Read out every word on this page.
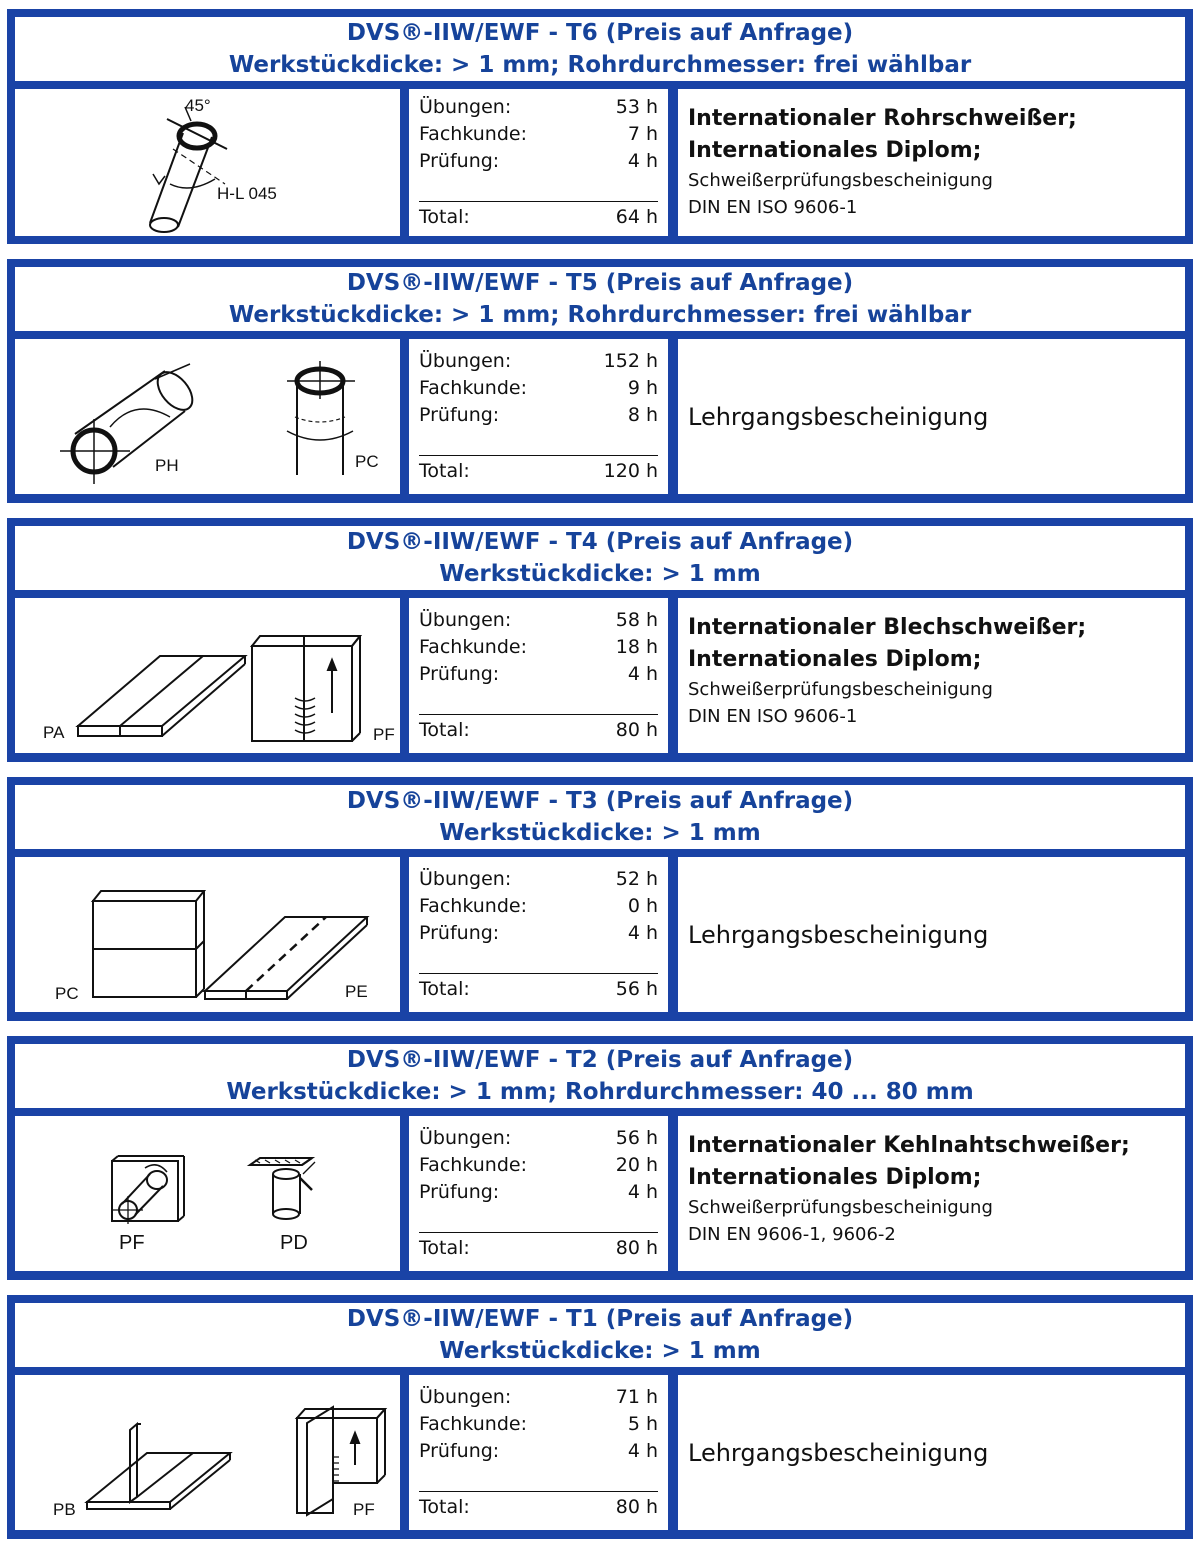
DVS®-IIW/EWF - T6 (Preis auf Anfrage)
Werkstückdicke: > 1 mm; Rohrdurchmesser: frei wählbar
45°
H-L 045
Übungen:	53 h
Fachkunde:	7 h
Prüfung:	4 h
Total:	64 h
Internationaler Rohrschweißer;
Internationales Diplom;
Schweißerprüfungsbescheinigung
DIN EN ISO 9606-1
DVS®-IIW/EWF - T5 (Preis auf Anfrage)
Werkstückdicke: > 1 mm; Rohrdurchmesser: frei wählbar
PH	PC
Übungen:	152 h
Fachkunde:	9 h
Prüfung:	8 h
Total:	120 h
Lehrgangsbescheinigung
DVS®-IIW/EWF - T4 (Preis auf Anfrage)
Werkstückdicke: > 1 mm
PA	PF
Übungen:	58 h
Fachkunde:	18 h
Prüfung:	4 h
Total:	80 h
Internationaler Blechschweißer;
Internationales Diplom;
Schweißerprüfungsbescheinigung
DIN EN ISO 9606-1
DVS®-IIW/EWF - T3 (Preis auf Anfrage)
Werkstückdicke: > 1 mm
PC	PE
Übungen:	52 h
Fachkunde:	0 h
Prüfung:	4 h
Total:	56 h
Lehrgangsbescheinigung
DVS®-IIW/EWF - T2 (Preis auf Anfrage)
Werkstückdicke: > 1 mm; Rohrdurchmesser: 40 ... 80 mm
PF	PD
Übungen:	56 h
Fachkunde:	20 h
Prüfung:	4 h
Total:	80 h
Internationaler Kehlnahtschweißer;
Internationales Diplom;
Schweißerprüfungsbescheinigung
DIN EN 9606-1, 9606-2
DVS®-IIW/EWF - T1 (Preis auf Anfrage)
Werkstückdicke: > 1 mm
PB	PF
Übungen:	71 h
Fachkunde:	5 h
Prüfung:	4 h
Total:	80 h
Lehrgangsbescheinigung
